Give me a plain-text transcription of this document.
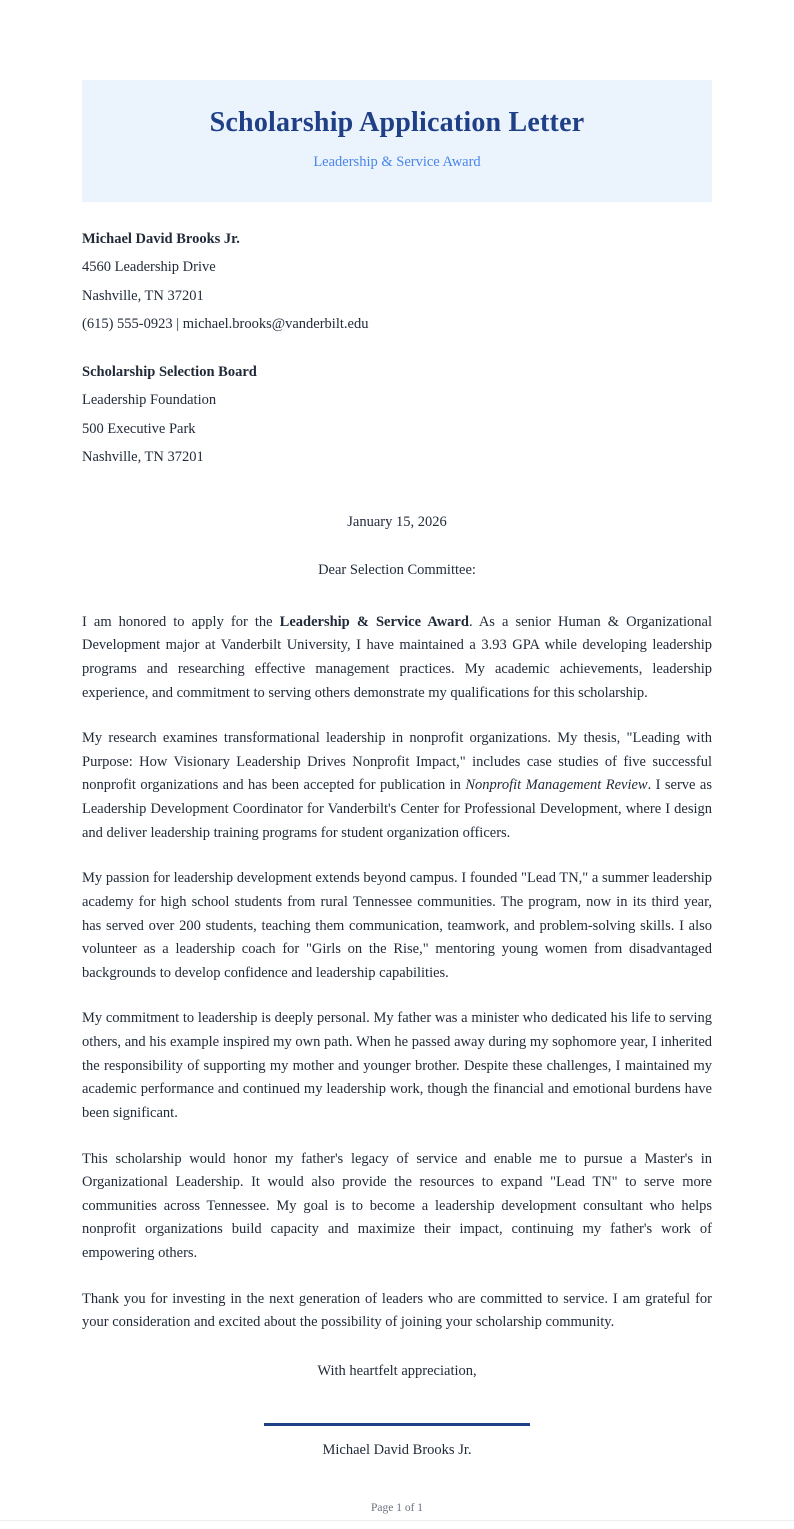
Scholarship Application Letter

Leadership & Service Award

Michael David Brooks Jr.

4560 Leadership Drive

Nashville, TN 37201

(615) 555-0923 | michael.brooks@vanderbilt.edu

Scholarship Selection Board

Leadership Foundation

500 Executive Park

Nashville, TN 37201

January 15, 2026

Dear Selection Committee:

I am honored to apply for the Leadership & Service Award. As a senior Human & Organizational Development major at Vanderbilt University, I have maintained a 3.93 GPA while developing leadership programs and researching effective management practices. My academic achievements, leadership experience, and commitment to serving others demonstrate my qualifications for this scholarship.

My research examines transformational leadership in nonprofit organizations. My thesis, "Leading with Purpose: How Visionary Leadership Drives Nonprofit Impact," includes case studies of five successful nonprofit organizations and has been accepted for publication in Nonprofit Management Review. I serve as Leadership Development Coordinator for Vanderbilt's Center for Professional Development, where I design and deliver leadership training programs for student organization officers.

My passion for leadership development extends beyond campus. I founded "Lead TN," a summer leadership academy for high school students from rural Tennessee communities. The program, now in its third year, has served over 200 students, teaching them communication, teamwork, and problem-solving skills. I also volunteer as a leadership coach for "Girls on the Rise," mentoring young women from disadvantaged backgrounds to develop confidence and leadership capabilities.

My commitment to leadership is deeply personal. My father was a minister who dedicated his life to serving others, and his example inspired my own path. When he passed away during my sophomore year, I inherited the responsibility of supporting my mother and younger brother. Despite these challenges, I maintained my academic performance and continued my leadership work, though the financial and emotional burdens have been significant.

This scholarship would honor my father's legacy of service and enable me to pursue a Master's in Organizational Leadership. It would also provide the resources to expand "Lead TN" to serve more communities across Tennessee. My goal is to become a leadership development consultant who helps nonprofit organizations build capacity and maximize their impact, continuing my father's work of empowering others.

Thank you for investing in the next generation of leaders who are committed to service. I am grateful for your consideration and excited about the possibility of joining your scholarship community.

With heartfelt appreciation,

Michael David Brooks Jr.

Page 1 of 1
